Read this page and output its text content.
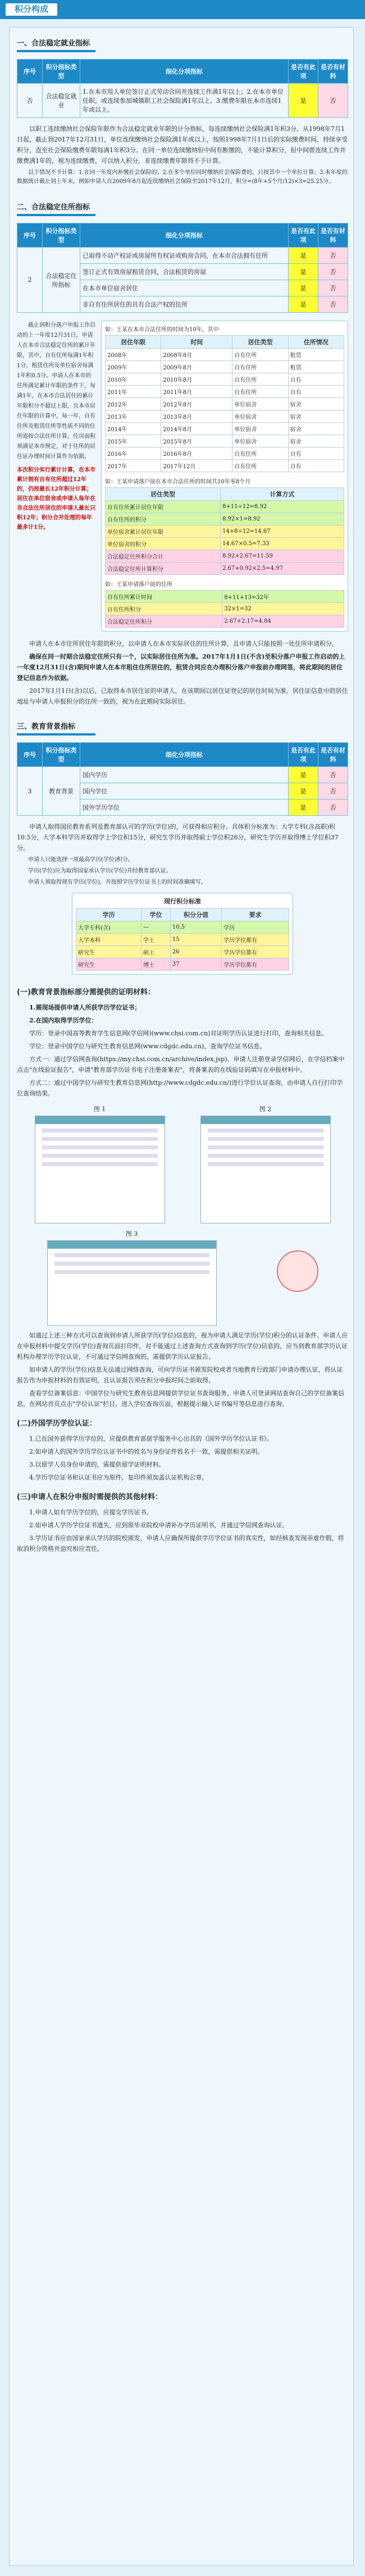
积分构成
一、合法稳定就业指标
序号	积分指标类型	细化分项指标	是否有此项	是否有材料
否	合法稳定就业	1.在本市用人单位签订正式劳动合同并连续工作满1年以上；2.在本市单位任职，或连续参加城镇职工社会保险满1年以上。3.缴费年限在本市连续1年或以上。	是	否

以职工连续缴纳社会保险年限作为合法稳定就业年限的计分指标，每连续缴纳社会保险满1年积3分。从1998年7月1日起，截止到2017年12月31日，单位连续缴纳社会保险满1年或以上，按照1998年7月1日后的实际缴费时间，持续享受积分，直至社会保险缴费年限每满1年积3分。在同一单位连续缴纳但中间有断缴的，不能计算积分，但中间曾连续工作并缴费满1年的，视为连续缴费，可以纳入积分，非连续缴费年限将不予计算。

以下情况不予计算：1.在同一年度内补缴社会保险的；2.在多个单位同时缴纳社会保险费的，只按其中一个单位计算；3.本年度的数据统计截止到上年末。例如申请人自2009年8月起连续缴纳社会保险至2017年12月，积分=(8年+5个月/12)×3=25.25分。

二、合法稳定住所指标
序号	积分指标类型	细化分项指标	是否有此项	是否有材料
2	合法稳定住所指标	已取得不动产权证或房屋所有权证或购房合同，在本市合法拥有住所	是	否
		签订正式有效房屋租赁合同，合法租赁的房屋	是	否
		在本市单位宿舍居住	是	否
		非自有住所居住的具有合法产权的住所	是	否
截止到积分落户申报工作启动的上一年度12月31日，申请人在本市合法稳定住所的累计年限，其中，自有住所每满1年积1分，租赁住所及单位宿舍每满1年积0.5分。申请人在本市的住所满足累计年限的条件下，每满1年，在本市合法居住的累计年限积分不超过上限，且本市居住年限的计算中，每一年，自有住所及租赁住所等性质不同的住所需按合法住所计算，住房面积须满足本市规定，对于住所的居住证办理时间计算作为依据。
本次积分实行累计计算，在本市累计拥有自有住所超过12年的，仍按最长12年积分计算；居住在单位宿舍或申请人每年在非合法住所居住的申请人最长只积12年；积分合并处理的每年最多计1分。
如：王某在本市合法住所的时间为10年，其中
居住年限	时间	居住类型	住所情况
2008年	2008年8月	自有住所	租赁
2009年	2009年8月	自有住所	租赁
2010年	2010年8月	自有住所	自有
2011年	2011年8月	自有住所	自有
2012年	2012年8月	单位宿舍	宿舍
2013年	2013年8月	单位宿舍	宿舍
2014年	2014年8月	单位宿舍	宿舍
2015年	2015年8月	单位宿舍	宿舍
2016年	2016年8月	自有住所	自有
2017年	2017年12月	自有住所	自有
如：王某申请落户前在本市合法住所的时间共10年零8个月
居住类型	计算方式
自有住所累计居住年限	8+11÷12=8.92
自有住所的积分	8.92×1=8.92
单位宿舍累计居住年限	14+8÷12=14.67
单位宿舍的积分	14.67×0.5=7.33
合法稳定住所积分合计	8.92+2.67=11.59
合法稳定住所计算积分	2.67+0.92×2.5=4.97
如：王某申请落户前的住所
自有住所累计时间	8+11+13=32年
自有住所积分	32×1=32
合法稳定住所积分	2.67+2.17=4.84

申请人在本市住所居住年限的积分，以申请人在本市实际居住的住所计算，且申请人只能按照一处住所申请积分。

确保在同一时期合法稳定住所只有一个，以实际居住住所为准。2017年1月1日(不含)至积分落户申报工作启动的上一年度12月31日(含)期间申请人在本市租住住所居住的，租赁合同应在办理积分落户申报前办理网签，将此期间的居住登记信息作为依据。

2017年1月1日(含)以后，已取得本市居住证的申请人，在该期间以居住证登记的居住时间为准。居住证信息中的居住地址与申请人申报积分的住所一致的，视为在此期间实际居住。

三、教育背景指标
序号	积分指标类型	细化分项指标	是否有此项	是否有材料
3	教育背景	国内学历	是	否
		国内学位	是	否
		国外学历学位	是	否

申请人取得国民教育系列及教育部认可的学历(学位)的，可获得相应积分。具体积分标准为：大学专科(含高职)积10.5分，大学本科学历并取得学士学位积15分，研究生学历并取得硕士学位积26分，研究生学历并取得博士学位积37分。

申请人只能选择一项最高学历(学位)积分。

学历(学位)应为取得国家承认学历(学位)并经教育部认证。

申请人须取得现有学历(学位)，并按照学历学位证书上的时间准确填写。

现行积分标准
学历	学位	积分分值	要求
大学专科(含)	—	10.5	学历
大学本科	学士	15	学历学位都有
研究生	硕士	26	学历学位都有
研究生	博士	37	学历学位都有
(一)教育背景指标部分需提供的证明材料：

1.需现场提供申请人所获学历学位证书；

2.在国内取得学历学位：

学历：登录中国高等教育学生信息网(学信网)(www.chsi.com.cn)对证明学历认证进行打印，查询相关信息。

学位：登录中国学位与研究生教育信息网(www.cdgdc.edu.cn)，查询学位证书信息。

方式一：通过学信网查询(https://my.chsi.com.cn/archive/index.jsp)。申请人注册登录学信网后，在学信档案中点击"在线验证报告"，申请"教育部学历证书电子注册备案表"，将备案表的在线验证码填写在申报材料中。

方式二：通过中国学位与研究生教育信息网(http://www.cdgdc.edu.cn/)进行学位认证查询，由申请人自行打印学位查询结果。

图 1	图 2
图 3

如通过上述三种方式可以查询到申请人所获学历(学位)信息的，视为申请人满足学历(学位)积分的认证条件。申请人应在申报材料中提交学历(学位)查询页面打印件，对不能通过上述查询方式查询到学历(学位)信息的，应当到教育部学历认证机构办理学历学位认证，不可通过学信网查询的，需提供学历认证报告。

如申请人的学历(学位)信息无法通过网络查询，可向学历证书颁发院校或者当地教育行政部门申请办理认证，将认证报告作为申报材料的有效证明，且认证报告须在积分申报时间之前取得。

查看学位备案信息：中国学位与研究生教育信息网提供学位证书查询服务，申请人可登录网站查询自己的学位备案信息，在网站首页点击"学位认证"栏目，进入学位查询页面，根据提示输入证书编号等信息进行查询。

(二)外国学历学位认证：

1.已在国外获得学历学位的，应提供教育部留学服务中心出具的《国外学历学位认证书》。

2.如申请人的国外学历学位认证书中的姓名与身份证件姓名不一致，需提供相关证明。

3.以留学人员身份申请的，需提供留学证明材料。

4.学历学位证书和认证书应为原件，复印件须加盖认证机构公章。

(三)申请人在积分申报时需提供的其他材料：

1.申请人如有学历学位的，应提交学历证书。

2.如申请人学历学位证书遗失，应到原毕业院校申请补办学历证明书，并通过学信网查询认证。

3.学历证书应由国家承认学历的院校颁发，申请人应确保所提供学历学位证书的真实性，如经核查发现弄虚作假，将取消积分资格并追究相应责任。
